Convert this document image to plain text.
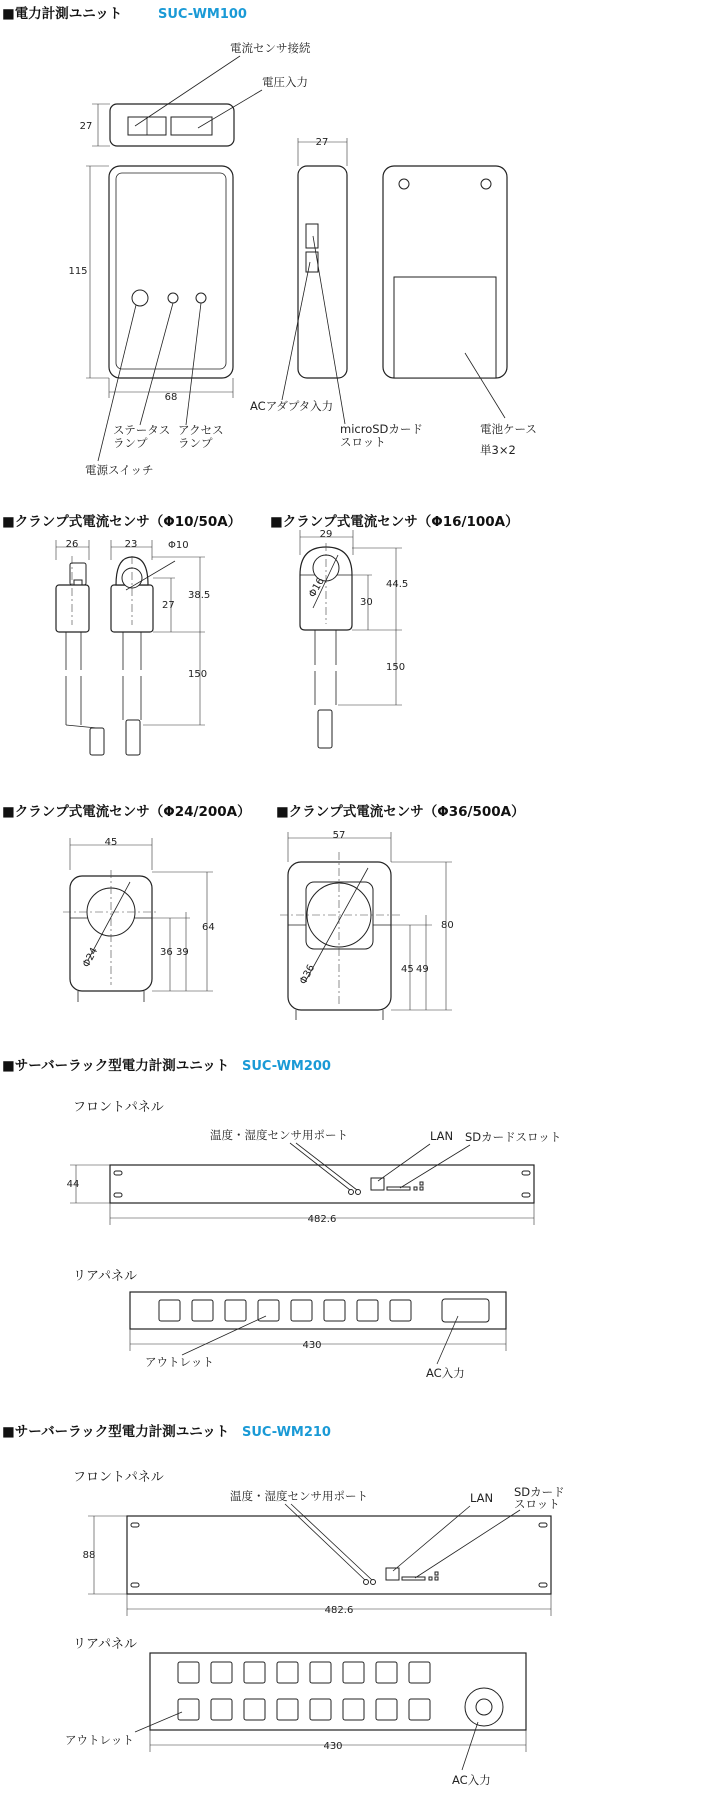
■電力計測ユニット	SUC-WM100
27
電流センサ接続
電圧入力
115
68
ステータス
ランプ
アクセス
ランプ
電源スイッチ
27
ACアダプタ入力
microSDカード
スロット
電池ケース
単3×2
■クランプ式電流センサ（Φ10/50A）
26	23	Φ10
38.5
27
150
■クランプ式電流センサ（Φ16/100A）
29
Φ16	44.5
30
150
■クランプ式電流センサ（Φ24/200A）
45
Φ24
64
36 39
■クランプ式電流センサ（Φ36/500A）
57
Φ36
80
45 49
■サーバーラック型電力計測ユニット SUC-WM200
フロントパネル
44
482.6
温度・湿度センサ用ポート	LAN SDカードスロット
リアパネル
430
アウトレット
AC入力
■サーバーラック型電力計測ユニット SUC-WM210
フロントパネル
88
482.6
温度・湿度センサ用ポート	LAN SDカード
スロット
リアパネル
430
アウトレット
AC入力
